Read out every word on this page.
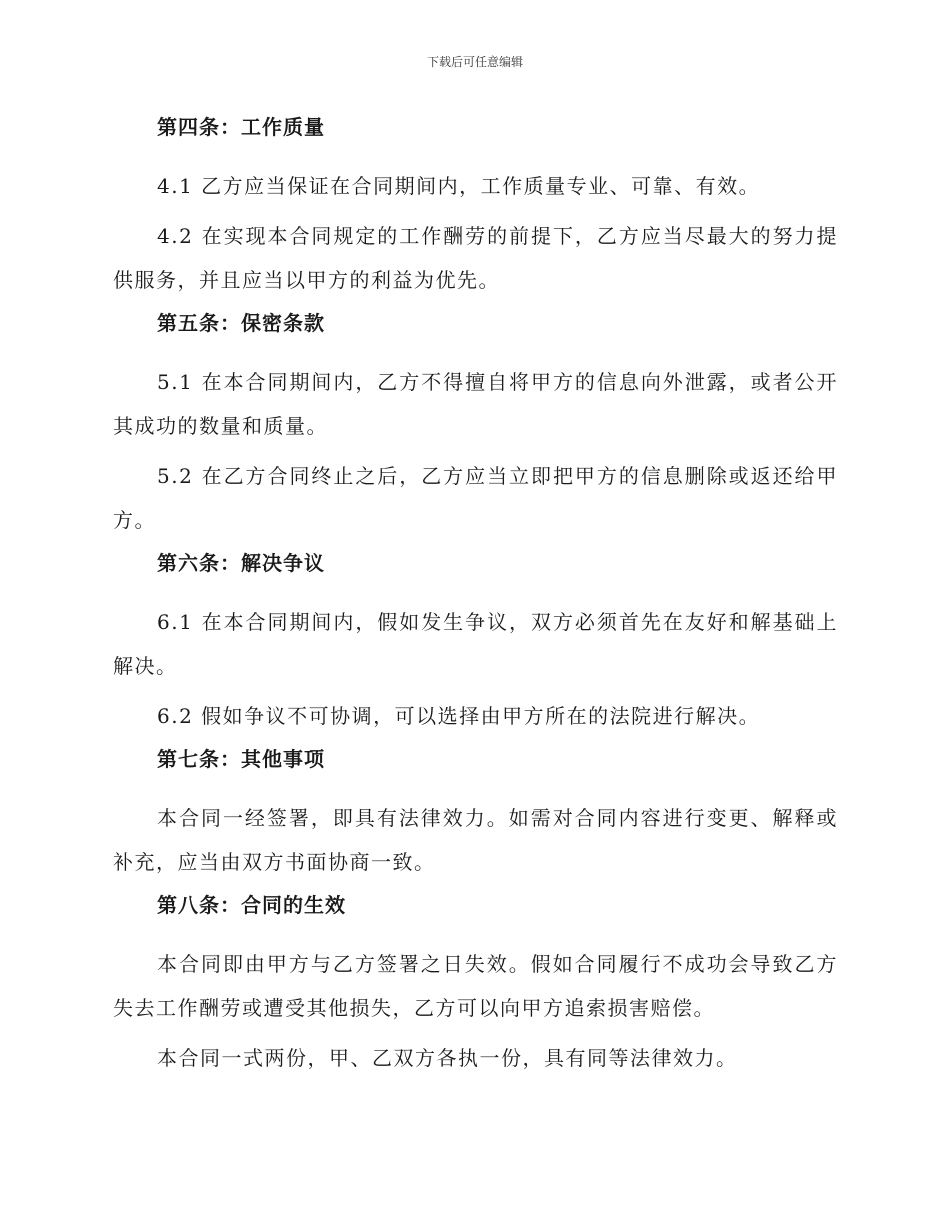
下载后可任意编辑
第四条：工作质量

4.1 乙方应当保证在合同期间内，工作质量专业、可靠、有效。

4.2 在实现本合同规定的工作酬劳的前提下，乙方应当尽最大的努力提供服务，并且应当以甲方的利益为优先。

第五条：保密条款

5.1 在本合同期间内，乙方不得擅自将甲方的信息向外泄露，或者公开其成功的数量和质量。

5.2 在乙方合同终止之后，乙方应当立即把甲方的信息删除或返还给甲方。

第六条：解决争议

6.1 在本合同期间内，假如发生争议，双方必须首先在友好和解基础上解决。

6.2 假如争议不可协调，可以选择由甲方所在的法院进行解决。

第七条：其他事项

本合同一经签署，即具有法律效力。如需对合同内容进行变更、解释或补充，应当由双方书面协商一致。

第八条：合同的生效

本合同即由甲方与乙方签署之日失效。假如合同履行不成功会导致乙方失去工作酬劳或遭受其他损失，乙方可以向甲方追索损害赔偿。

本合同一式两份，甲、乙双方各执一份，具有同等法律效力。
